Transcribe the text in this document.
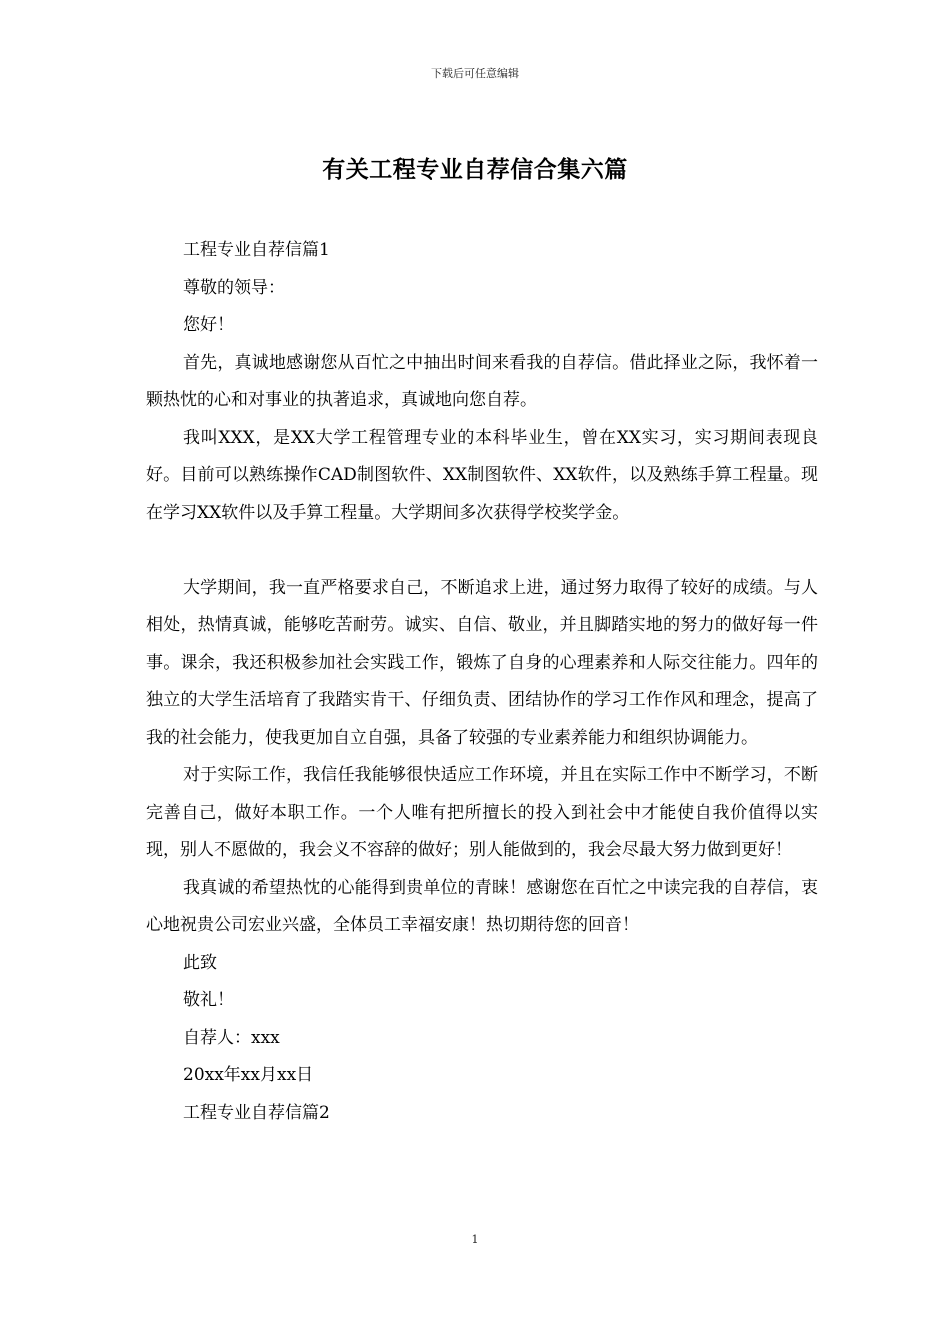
下载后可任意编辑
有关工程专业自荐信合集六篇

工程专业自荐信篇1

尊敬的领导：

您好！

首先，真诚地感谢您从百忙之中抽出时间来看我的自荐信。借此择业之际，我怀着一颗热忱的心和对事业的执著追求，真诚地向您自荐。

我叫XXX，是XX大学工程管理专业的本科毕业生，曾在XX实习，实习期间表现良好。目前可以熟练操作CAD制图软件、XX制图软件、XX软件，以及熟练手算工程量。现在学习XX软件以及手算工程量。大学期间多次获得学校奖学金。

大学期间，我一直严格要求自己，不断追求上进，通过努力取得了较好的成绩。与人相处，热情真诚，能够吃苦耐劳。诚实、自信、敬业，并且脚踏实地的努力的做好每一件事。课余，我还积极参加社会实践工作，锻炼了自身的心理素养和人际交往能力。四年的独立的大学生活培育了我踏实肯干、仔细负责、团结协作的学习工作作风和理念，提高了我的社会能力，使我更加自立自强，具备了较强的专业素养能力和组织协调能力。

对于实际工作，我信任我能够很快适应工作环境，并且在实际工作中不断学习，不断完善自己，做好本职工作。一个人唯有把所擅长的投入到社会中才能使自我价值得以实现，别人不愿做的，我会义不容辞的做好；别人能做到的，我会尽最大努力做到更好！

我真诚的希望热忱的心能得到贵单位的青睐！感谢您在百忙之中读完我的自荐信，衷心地祝贵公司宏业兴盛，全体员工幸福安康！热切期待您的回音！

此致

敬礼！

自荐人：xxx

20xx年xx月xx日

工程专业自荐信篇2

1
